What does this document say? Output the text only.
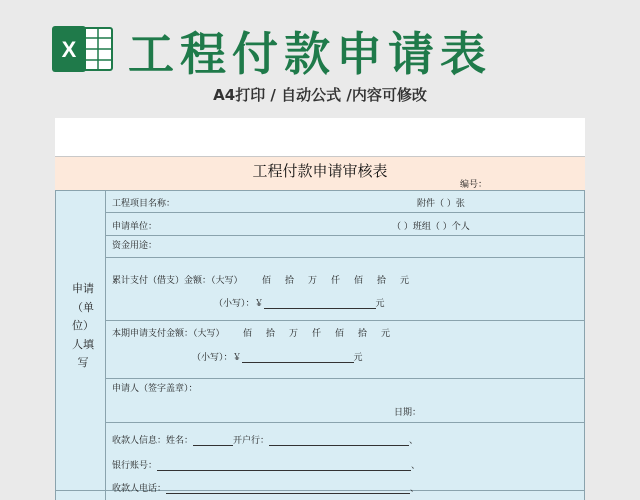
X 工程付款申请表
A4打印 / 自动公式 /内容可修改
工程付款申请审核表
编号：
申请（单位）人填写
工程项目名称：	附件（ ）张
申请单位：	（ ）班组（ ）个人
资金用途：
累计支付（借支）金额：（大写） 佰 拾 万 仟 佰 拾 元
（小写）：￥	元
本期申请支付金额：（大写） 佰 拾 万 仟 佰 拾 元
（小写）：￥	元
申请人（签字盖章）：
日期：
收款人信息：姓名：	开户行：	、
银行账号：	、
收款人电话：	、
